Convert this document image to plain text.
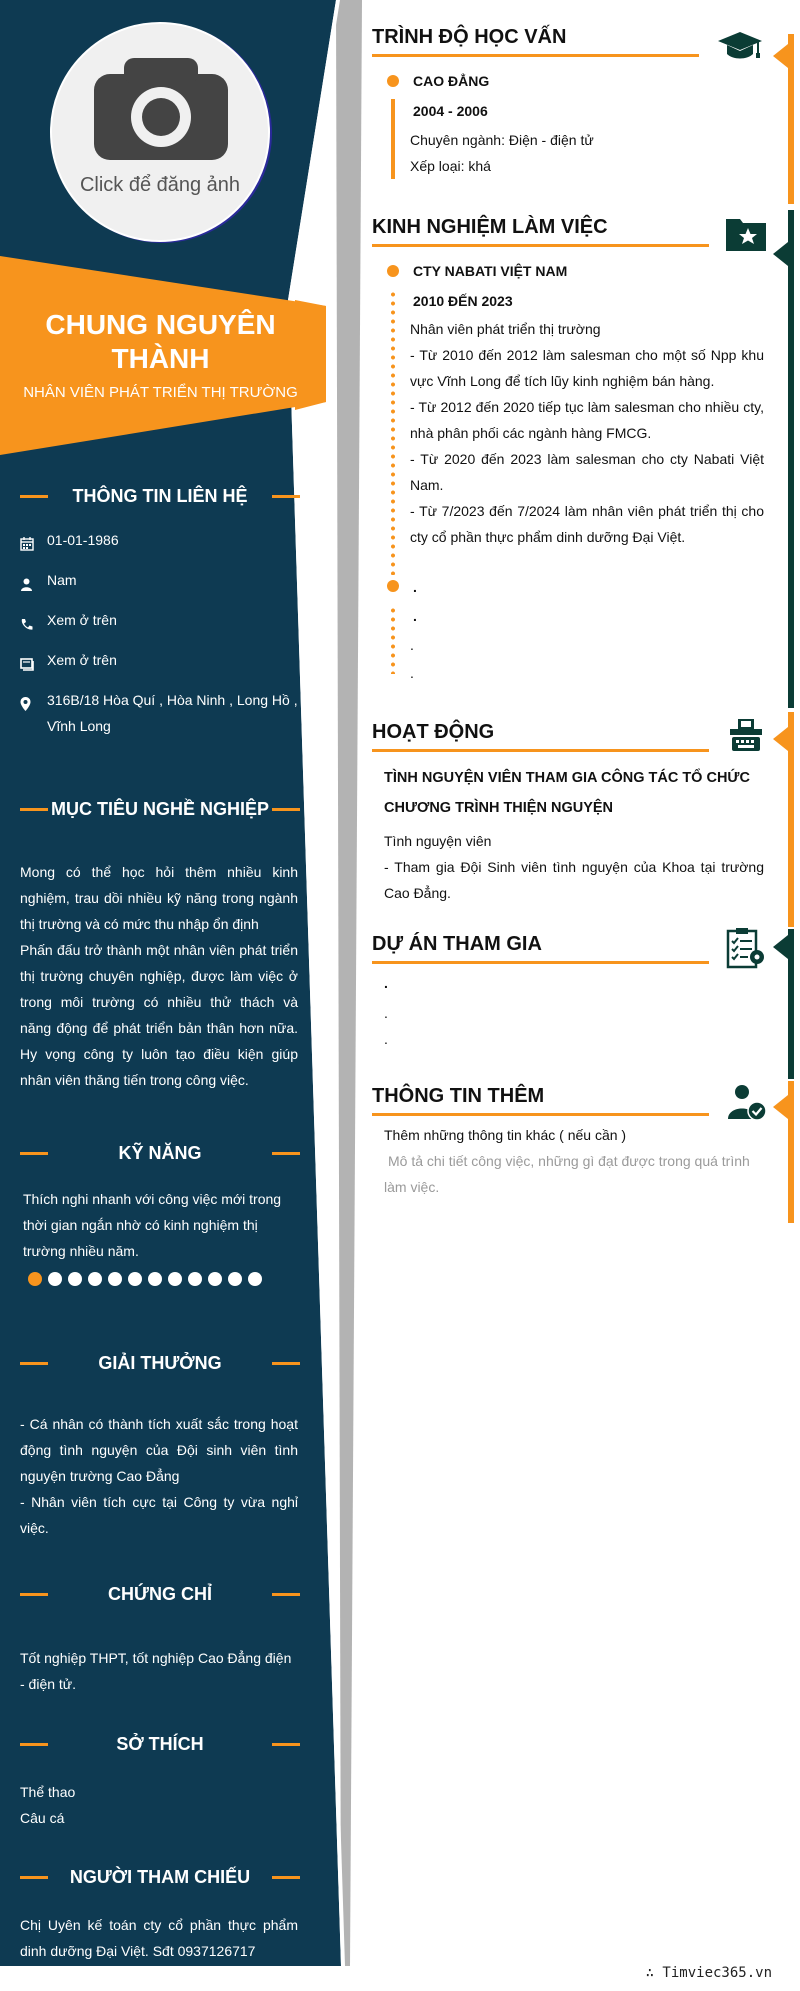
Click để đăng ảnh
CHUNG NGUYÊN
THÀNH
NHÂN VIÊN PHÁT TRIỂN THỊ TRƯỜNG
THÔNG TIN LIÊN HỆ
01-01-1986
Nam
Xem ở trên
Xem ở trên
316B/18 Hòa Quí , Hòa Ninh , Long Hồ , Vĩnh Long
MỤC TIÊU NGHỀ NGHIỆP

Mong có thể học hỏi thêm nhiều kinh nghiệm, trau dồi nhiều kỹ năng trong ngành thị trường và có mức thu nhập ổn định

Phấn đấu trở thành một nhân viên phát triển thị trường chuyên nghiệp, được làm việc ở trong môi trường có nhiều thử thách và năng động để phát triển bản thân hơn nữa. Hy vọng công ty luôn tạo điều kiện giúp nhân viên thăng tiến trong công việc.

KỸ NĂNG
Thích nghi nhanh với công việc mới trong thời gian ngắn nhờ có kinh nghiệm thị trường nhiều năm.
GIẢI THƯỞNG

- Cá nhân có thành tích xuất sắc trong hoạt động tình nguyện của Đội sinh viên tình nguyện trường Cao Đẳng

- Nhân viên tích cực tại Công ty vừa nghỉ việc.

CHỨNG CHỈ
Tốt nghiệp THPT, tốt nghiệp Cao Đẳng điện - điện tử.
SỞ THÍCH

Thể thao

Câu cá

NGƯỜI THAM CHIẾU
Chị Uyên kế toán cty cổ phần thực phẩm dinh dưỡng Đại Việt. Sđt 0937126717
TRÌNH ĐỘ HỌC VẤN
CAO ĐẲNG
2004 - 2006
Chuyên ngành: Điện - điện tử
Xếp loại: khá
KINH NGHIỆM LÀM VIỆC
CTY NABATI VIỆT NAM
2010 ĐẾN 2023
Nhân viên phát triển thị trường

- Từ 2010 đến 2012 làm salesman cho một số Npp khu vực Vĩnh Long để tích lũy kinh nghiệm bán hàng.

- Từ 2012 đến 2020 tiếp tục làm salesman cho nhiều cty, nhà phân phối các ngành hàng FMCG.

- Từ 2020 đến 2023 làm salesman cho cty Nabati Việt Nam.

- Từ 7/2023 đến 7/2024 làm nhân viên phát triển thị cho cty cổ phần thực phẩm dinh dưỡng Đại Việt.

.
.
.
.
HOẠT ĐỘNG
TÌNH NGUYỆN VIÊN THAM GIA CÔNG TÁC TỔ CHỨC CHƯƠNG TRÌNH THIỆN NGUYỆN
Tình nguyện viên
- Tham gia Đội Sinh viên tình nguyện của Khoa tại trường Cao Đẳng.
DỰ ÁN THAM GIA
.
.
.
THÔNG TIN THÊM
Thêm những thông tin khác ( nếu cần )
Mô tả chi tiết công việc, những gì đạt được trong quá trình làm việc.
∴ Timviec365.vn
